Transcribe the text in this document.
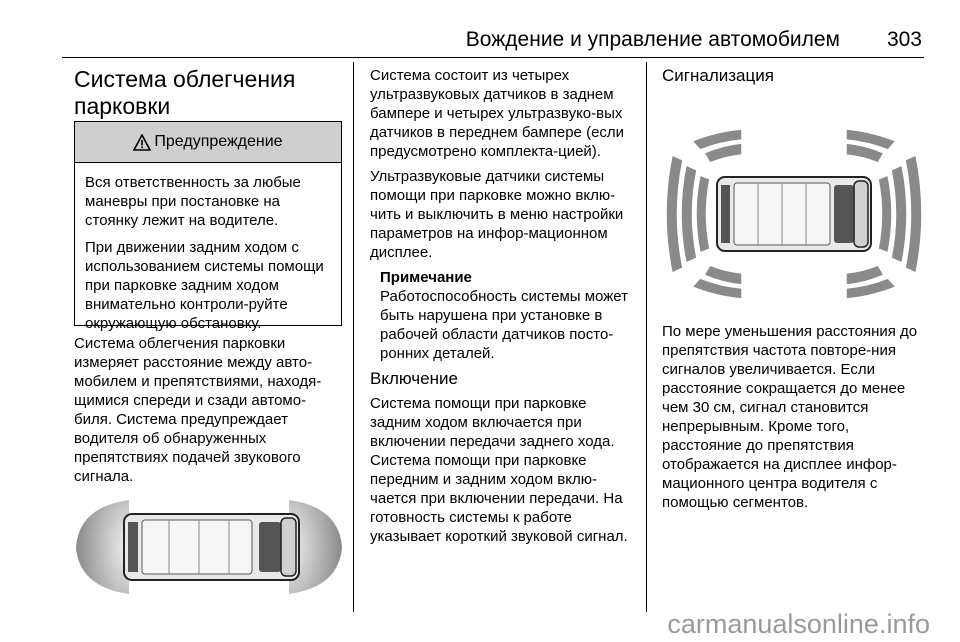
Вождение и управление автомобилем 303
Система облегчения
парковки
Предупреждение

Вся ответственность за любые маневры при постановке на стоянку лежит на водителе.

При движении задним ходом с использованием системы помощи при парковке задним ходом внимательно контроли-руйте окружающую обстановку.

Система облегчения парковки измеряет расстояние между авто-мобилем и препятствиями, находя-щимися спереди и сзади автомо-биля. Система предупреждает водителя об обнаруженных препятствиях подачей звукового сигнала.

Система состоит из четырех ультразвуковых датчиков в заднем бампере и четырех ультразвуко-вых датчиков в переднем бампере (если предусмотрено комплекта-цией).

Ультразвуковые датчики системы помощи при парковке можно вклю-чить и выключить в меню настройки параметров на инфор-мационном дисплее.

Примечание
Работоспособность системы может быть нарушена при установке в рабочей области датчиков посто-ронних деталей.
Включение

Система помощи при парковке задним ходом включается при включении передачи заднего хода. Система помощи при парковке передним и задним ходом вклю-чается при включении передачи. На готовность системы к работе указывает короткий звуковой сигнал.

Сигнализация

По мере уменьшения расстояния до препятствия частота повторе-ния сигналов увеличивается. Если расстояние сокращается до менее чем 30 см, сигнал становится непрерывным. Кроме того, расстояние до препятствия отображается на дисплее инфор-мационного центра водителя с помощью сегментов.

carmanualsonline.info
